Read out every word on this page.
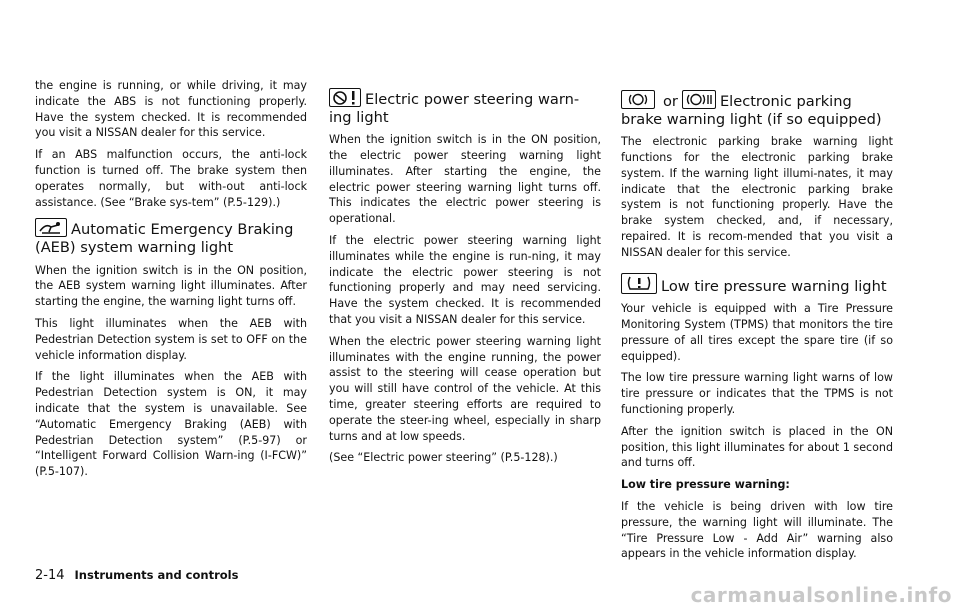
the engine is running, or while driving, it may indicate the ABS is not functioning properly. Have the system checked. It is recommended you visit a NISSAN dealer for this service.

If an ABS malfunction occurs, the anti-lock function is turned off. The brake system then operates normally, but with-out anti-lock assistance. (See “Brake sys-tem” (P.5-129).)

Automatic Emergency Braking (AEB) system warning light

When the ignition switch is in the ON position, the AEB system warning light illuminates. After starting the engine, the warning light turns off.

This light illuminates when the AEB with Pedestrian Detection system is set to OFF on the vehicle information display.

If the light illuminates when the AEB with Pedestrian Detection system is ON, it may indicate that the system is unavailable. See “Automatic Emergency Braking (AEB) with Pedestrian Detection system” (P.5-97) or “Intelligent Forward Collision Warn-ing (I-FCW)” (P.5-107).

Electric power steering warn-ing light

When the ignition switch is in the ON position, the electric power steering warning light illuminates. After starting the engine, the electric power steering warning light turns off. This indicates the electric power steering is operational.

If the electric power steering warning light illuminates while the engine is run-ning, it may indicate the electric power steering is not functioning properly and may need servicing. Have the system checked. It is recommended that you visit a NISSAN dealer for this service.

When the electric power steering warning light illuminates with the engine running, the power assist to the steering will cease operation but you will still have control of the vehicle. At this time, greater steering efforts are required to operate the steer-ing wheel, especially in sharp turns and at low speeds.

(See “Electric power steering” (P.5-128).)

or	Electronic parking brake warning light (if so equipped)

The electronic parking brake warning light functions for the electronic parking brake system. If the warning light illumi-nates, it may indicate that the electronic parking brake system is not functioning properly. Have the brake system checked, and, if necessary, repaired. It is recom-mended that you visit a NISSAN dealer for this service.

Low tire pressure warning light

Your vehicle is equipped with a Tire Pressure Monitoring System (TPMS) that monitors the tire pressure of all tires except the spare tire (if so equipped).

The low tire pressure warning light warns of low tire pressure or indicates that the TPMS is not functioning properly.

After the ignition switch is placed in the ON position, this light illuminates for about 1 second and turns off.

Low tire pressure warning:

If the vehicle is being driven with low tire pressure, the warning light will illuminate. The “Tire Pressure Low - Add Air” warning also appears in the vehicle information display.

2-14 Instruments and controls
carmanualsonline.info
